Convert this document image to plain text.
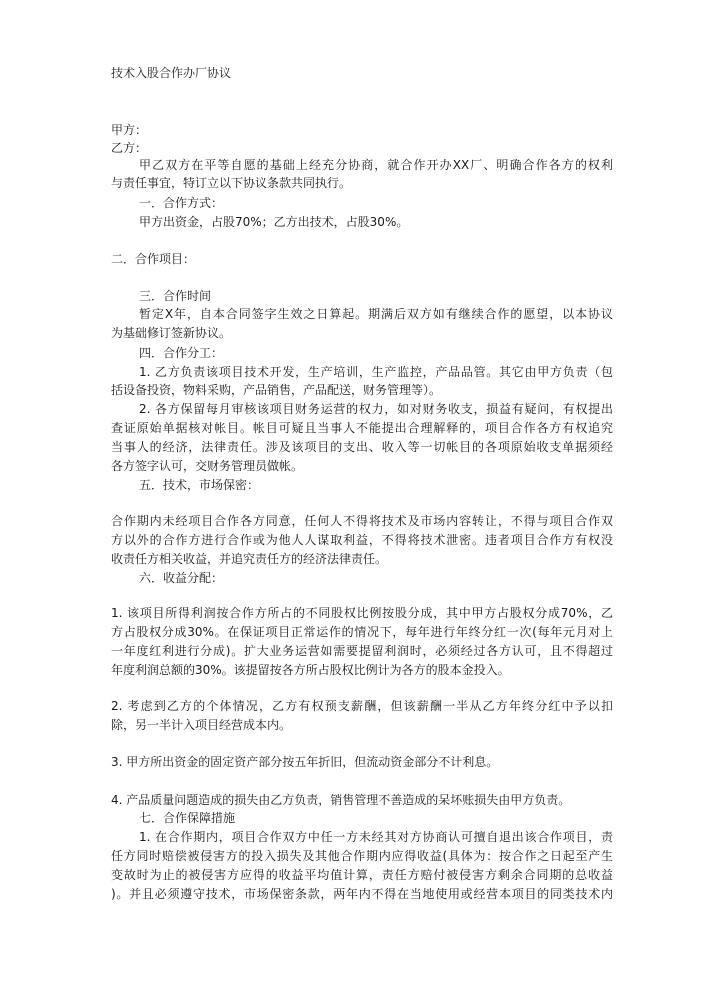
技术入股合作办厂协议
甲方：
乙方：
甲乙双方在平等自愿的基础上经充分协商，就合作开办XX厂、明确合作各方的权利
与责任事宜，特订立以下协议条款共同执行。
一．合作方式：
甲方出资金，占股70%；乙方出技术，占股30%。
二．合作项目：
三．合作时间
暂定X年，自本合同签字生效之日算起。期满后双方如有继续合作的愿望，以本协议
为基础修订签新协议。
四．合作分工：
1. 乙方负责该项目技术开发，生产培训，生产监控，产品品管。其它由甲方负责（包
括设备投资，物料采购，产品销售，产品配送，财务管理等）。
2. 各方保留每月审核该项目财务运营的权力，如对财务收支，损益有疑问，有权提出
查证原始单据核对帐目。帐目可疑且当事人不能提出合理解释的，项目合作各方有权追究
当事人的经济，法律责任。涉及该项目的支出、收入等一切帐目的各项原始收支单据须经
各方签字认可，交财务管理员做帐。
五．技术，市场保密：
合作期内未经项目合作各方同意，任何人不得将技术及市场内容转让，不得与项目合作双
方以外的合作方进行合作或为他人人谋取利益，不得将技术泄密。违者项目合作方有权没
收责任方相关收益，并追究责任方的经济法律责任。
六．收益分配：
1. 该项目所得利润按合作方所占的不同股权比例按股分成，其中甲方占股权分成70%，乙
方占股权分成30%。在保证项目正常运作的情况下，每年进行年终分红一次(每年元月对上
一年度红利进行分成)。扩大业务运营如需要提留利润时，必须经过各方认可，且不得超过
年度利润总额的30%。该提留按各方所占股权比例计为各方的股本金投入。
2. 考虑到乙方的个体情况，乙方有权预支薪酬，但该薪酬一半从乙方年终分红中予以扣
除，另一半计入项目经营成本内。
3. 甲方所出资金的固定资产部分按五年折旧，但流动资金部分不计利息。
4. 产品质量问题造成的损失由乙方负责，销售管理不善造成的呆坏账损失由甲方负责。
七．合作保障措施
1. 在合作期内，项目合作双方中任一方未经其对方协商认可擅自退出该合作项目，责
任方同时赔偿被侵害方的投入损失及其他合作期内应得收益(具体为：按合作之日起至产生
变故时为止的被侵害方应得的收益平均值计算，责任方赔付被侵害方剩余合同期的总收益
)。并且必须遵守技术，市场保密条款，两年内不得在当地使用或经营本项目的同类技术内
